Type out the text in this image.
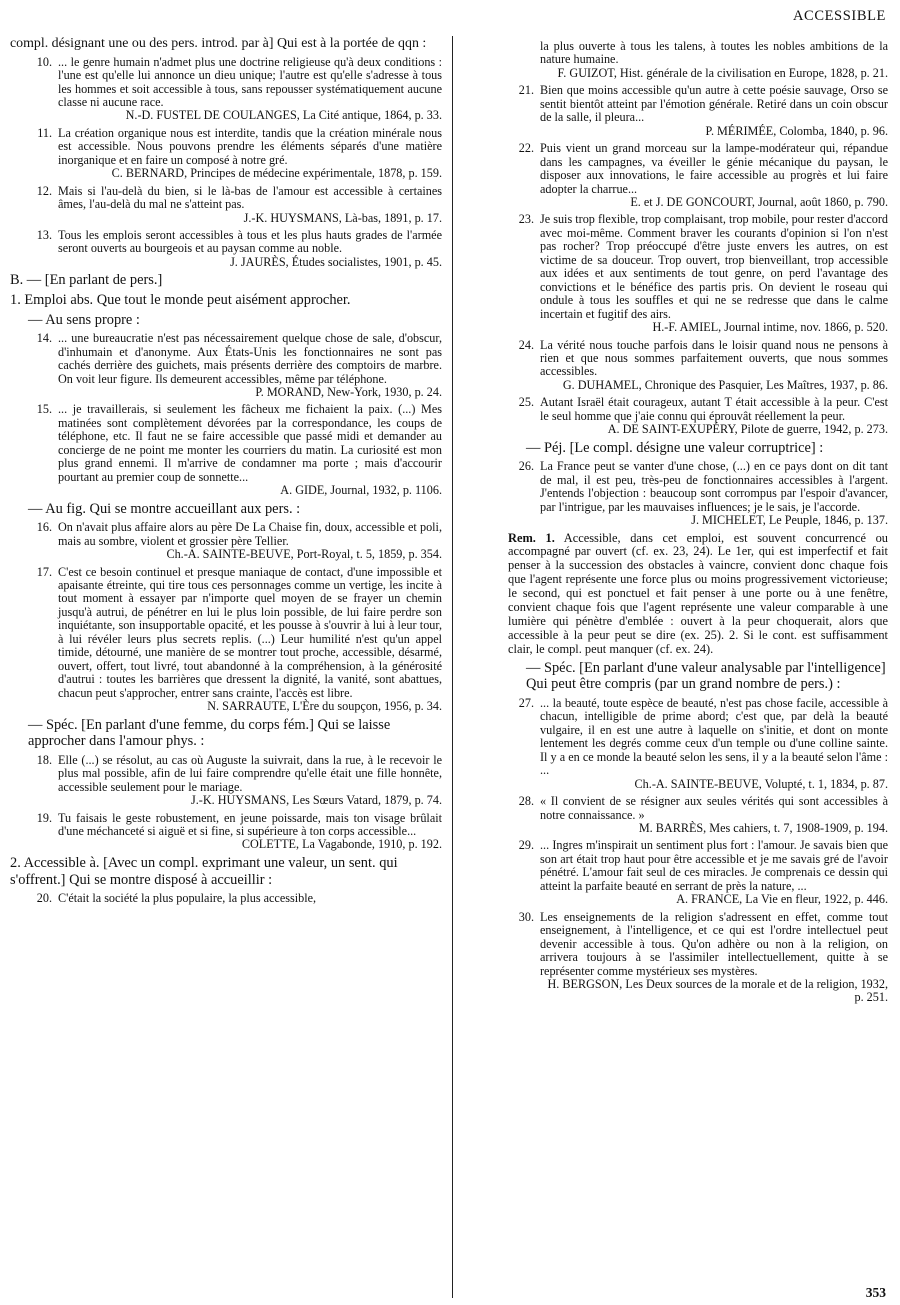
ACCESSIBLE

compl. désignant une ou des pers. introd. par à] Qui est à la portée de qqn :

10. ... le genre humain n'admet plus une doctrine religieuse qu'à deux conditions : l'une est qu'elle lui annonce un dieu unique; l'autre est qu'elle s'adresse à tous les hommes et soit accessible à tous, sans repousser systématiquement aucune classe ni aucune race.
N.-D. FUSTEL DE COULANGES, La Cité antique, 1864, p. 33.
11. La création organique nous est interdite, tandis que la création minérale nous est accessible. Nous pouvons prendre les éléments séparés d'une matière inorganique et en faire un composé à notre gré.
C. BERNARD, Principes de médecine expérimentale, 1878, p. 159.
12. Mais si l'au-delà du bien, si le là-bas de l'amour est accessible à certaines âmes, l'au-delà du mal ne s'atteint pas.
J.-K. HUYSMANS, Là-bas, 1891, p. 17.
13. Tous les emplois seront accessibles à tous et les plus hauts grades de l'armée seront ouverts au bourgeois et au paysan comme au noble.
J. JAURÈS, Études socialistes, 1901, p. 45.

B. — [En parlant de pers.]

1. Emploi abs. Que tout le monde peut aisément approcher.

— Au sens propre :

14. ... une bureaucratie n'est pas nécessairement quelque chose de sale, d'obscur, d'inhumain et d'anonyme. Aux États-Unis les fonctionnaires ne sont pas cachés derrière des guichets, mais présents derrière des comptoirs de marbre. On voit leur figure. Ils demeurent accessibles, même par téléphone.
P. MORAND, New-York, 1930, p. 24.
15. ... je travaillerais, si seulement les fâcheux me fichaient la paix. (...) Mes matinées sont complètement dévorées par la correspondance, les coups de téléphone, etc. Il faut ne se faire accessible que passé midi et demander au concierge de ne point me monter les courriers du matin. La curiosité est mon plus grand ennemi. Il m'arrive de condamner ma porte ; mais d'accourir pourtant au premier coup de sonnette...
A. GIDE, Journal, 1932, p. 1106.

— Au fig. Qui se montre accueillant aux pers. :

16. On n'avait plus affaire alors au père De La Chaise fin, doux, accessible et poli, mais au sombre, violent et grossier père Tellier.
Ch.-A. SAINTE-BEUVE, Port-Royal, t. 5, 1859, p. 354.
17. C'est ce besoin continuel et presque maniaque de contact, d'une impossible et apaisante étreinte, qui tire tous ces personnages comme un vertige, les incite à tout moment à essayer par n'importe quel moyen de se frayer un chemin jusqu'à autrui, de pénétrer en lui le plus loin possible, de lui faire perdre son inquiétante, son insupportable opacité, et les pousse à s'ouvrir à lui à leur tour, à lui révéler leurs plus secrets replis. (...) Leur humilité n'est qu'un appel timide, détourné, une manière de se montrer tout proche, accessible, désarmé, ouvert, offert, tout livré, tout abandonné à la compréhension, à la générosité d'autrui : toutes les barrières que dressent la dignité, la vanité, sont abattues, chacun peut s'approcher, entrer sans crainte, l'accès est libre.
N. SARRAUTE, L'Ère du soupçon, 1956, p. 34.

— Spéc. [En parlant d'une femme, du corps fém.] Qui se laisse approcher dans l'amour phys. :

18. Elle (...) se résolut, au cas où Auguste la suivrait, dans la rue, à le recevoir le plus mal possible, afin de lui faire comprendre qu'elle était une fille honnête, accessible seulement pour le mariage.
J.-K. HUYSMANS, Les Sœurs Vatard, 1879, p. 74.
19. Tu faisais le geste robustement, en jeune poissarde, mais ton visage brûlait d'une méchanceté si aiguë et si fine, si supérieure à ton corps accessible...
COLETTE, La Vagabonde, 1910, p. 192.

2. Accessible à. [Avec un compl. exprimant une valeur, un sent. qui s'offrent.] Qui se montre disposé à accueillir :

20. C'était la société la plus populaire, la plus accessible,
la plus ouverte à tous les talens, à toutes les nobles ambitions de la nature humaine.
F. GUIZOT, Hist. générale de la civilisation en Europe, 1828, p. 21.
21. Bien que moins accessible qu'un autre à cette poésie sauvage, Orso se sentit bientôt atteint par l'émotion générale. Retiré dans un coin obscur de la salle, il pleura...
P. MÉRIMÉE, Colomba, 1840, p. 96.
22. Puis vient un grand morceau sur la lampe-modérateur qui, répandue dans les campagnes, va éveiller le génie mécanique du paysan, le disposer aux innovations, le faire accessible au progrès et lui faire adopter la charrue...
E. et J. DE GONCOURT, Journal, août 1860, p. 790.
23. Je suis trop flexible, trop complaisant, trop mobile, pour rester d'accord avec moi-même. Comment braver les courants d'opinion si l'on n'est pas rocher? Trop préoccupé d'être juste envers les autres, on est victime de sa douceur. Trop ouvert, trop bienveillant, trop accessible aux idées et aux sentiments de tout genre, on perd l'avantage des convictions et le bénéfice des partis pris. On devient le roseau qui ondule à tous les souffles et qui ne se redresse que dans le calme incertain et fugitif des airs.
H.-F. AMIEL, Journal intime, nov. 1866, p. 520.
24. La vérité nous touche parfois dans le loisir quand nous ne pensons à rien et que nous sommes parfaitement ouverts, que nous sommes accessibles.
G. DUHAMEL, Chronique des Pasquier, Les Maîtres, 1937, p. 86.
25. Autant Israël était courageux, autant T était accessible à la peur. C'est le seul homme que j'aie connu qui éprouvât réellement la peur.
A. DE SAINT-EXUPÉRY, Pilote de guerre, 1942, p. 273.

— Péj. [Le compl. désigne une valeur corruptrice] :

26. La France peut se vanter d'une chose, (...) en ce pays dont on dit tant de mal, il est peu, très-peu de fonctionnaires accessibles à l'argent. J'entends l'objection : beaucoup sont corrompus par l'espoir d'avancer, par l'intrigue, par les mauvaises influences; je le sais, je l'accorde.
J. MICHELET, Le Peuple, 1846, p. 137.

Rem. 1. Accessible, dans cet emploi, est souvent concurrencé ou accompagné par ouvert (cf. ex. 23, 24). Le 1er, qui est imperfectif et fait penser à la succession des obstacles à vaincre, convient donc chaque fois que l'agent représente une force plus ou moins progressivement victorieuse; le second, qui est ponctuel et fait penser à une porte ou à une fenêtre, convient chaque fois que l'agent représente une valeur comparable à une lumière qui pénètre d'emblée : ouvert à la peur choquerait, alors que accessible à la peur peut se dire (ex. 25). 2. Si le cont. est suffisamment clair, le compl. peut manquer (cf. ex. 24).

— Spéc. [En parlant d'une valeur analysable par l'intelligence] Qui peut être compris (par un grand nombre de pers.) :

27. ... la beauté, toute espèce de beauté, n'est pas chose facile, accessible à chacun, intelligible de prime abord; c'est que, par delà la beauté vulgaire, il en est une autre à laquelle on s'initie, et dont on monte lentement les degrés comme ceux d'un temple ou d'une colline sainte. Il y a en ce monde la beauté selon les sens, il y a la beauté selon l'âme : ...
Ch.-A. SAINTE-BEUVE, Volupté, t. 1, 1834, p. 87.
28. « Il convient de se résigner aux seules vérités qui sont accessibles à notre connaissance. »
M. BARRÈS, Mes cahiers, t. 7, 1908-1909, p. 194.
29. ... Ingres m'inspirait un sentiment plus fort : l'amour. Je savais bien que son art était trop haut pour être accessible et je me savais gré de l'avoir pénétré. L'amour fait seul de ces miracles. Je comprenais ce dessin qui atteint la parfaite beauté en serrant de près la nature, ...
A. FRANCE, La Vie en fleur, 1922, p. 446.
30. Les enseignements de la religion s'adressent en effet, comme tout enseignement, à l'intelligence, et ce qui est l'ordre intellectuel peut devenir accessible à tous. Qu'on adhère ou non à la religion, on arrivera toujours à se l'assimiler intellectuellement, quitte à se représenter comme mystérieux ses mystères.
H. BERGSON, Les Deux sources de la morale et de la religion, 1932, p. 251.
353
